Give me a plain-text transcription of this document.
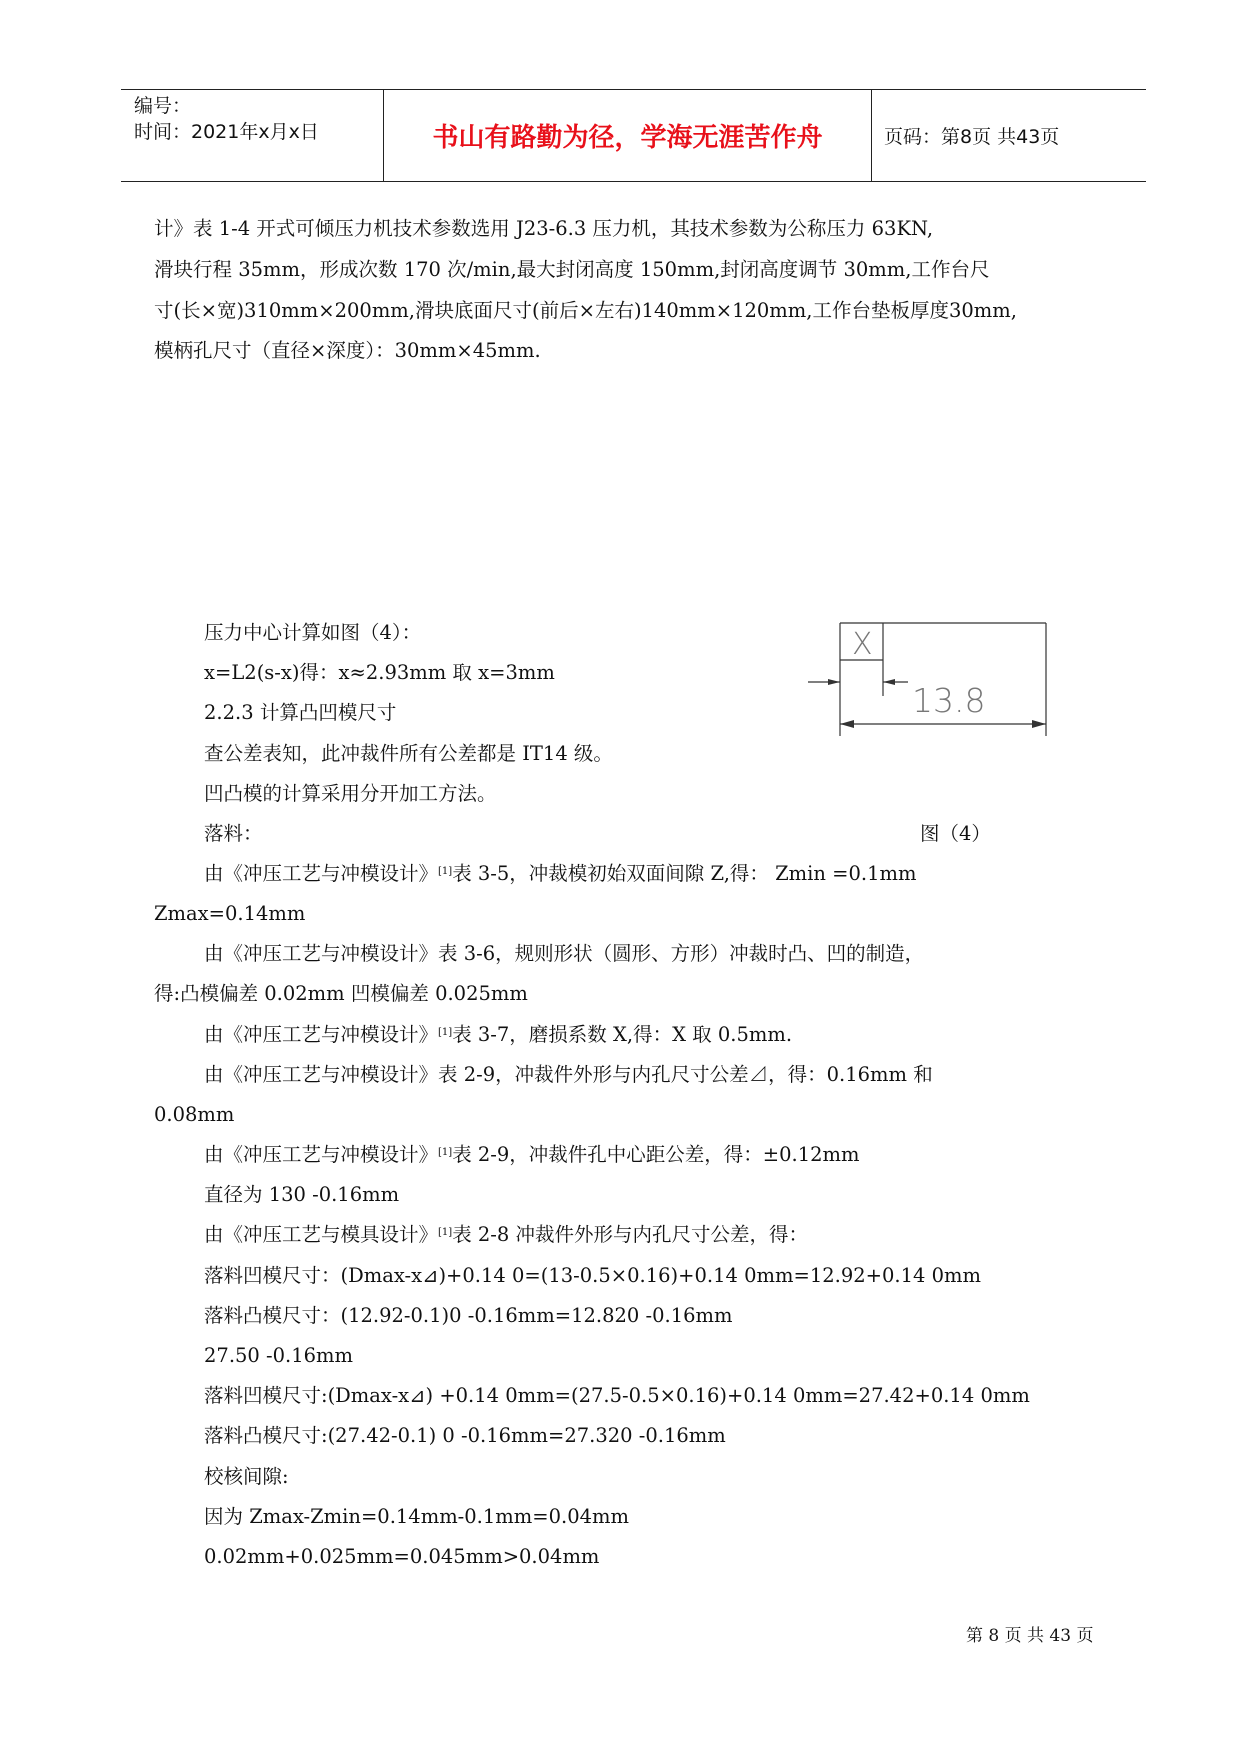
编号：
时间：2021年x月x日	书山有路勤为径，学海无涯苦作舟	页码：第8页 共43页
计》表 1-4 开式可倾压力机技术参数选用 J23-6.3 压力机，其技术参数为公称压力 63KN,
滑块行程 35mm，形成次数 170 次/min,最大封闭高度 150mm,封闭高度调节 30mm,工作台尺
寸(长×宽)310mm×200mm,滑块底面尺寸(前后×左右)140mm×120mm,工作台垫板厚度30mm,
模柄孔尺寸（直径×深度）：30mm×45mm.
压力中心计算如图（4）：
x=L2(s-x)得：x≈2.93mm 取 x=3mm
2.2.3 计算凸凹模尺寸
查公差表知，此冲裁件所有公差都是 IT14 级。
凹凸模的计算采用分开加工方法。
落料：
X
13.8
图（4）
由《冲压工艺与冲模设计》[1]表 3-5，冲裁模初始双面间隙 Z,得： Zmin =0.1mm
Zmax=0.14mm
由《冲压工艺与冲模设计》表 3-6，规则形状（圆形、方形）冲裁时凸、凹的制造，
得:凸模偏差 0.02mm 凹模偏差 0.025mm
由《冲压工艺与冲模设计》[1]表 3-7，磨损系数 X,得：X 取 0.5mm.
由《冲压工艺与冲模设计》表 2-9，冲裁件外形与内孔尺寸公差⊿，得：0.16mm 和
0.08mm
由《冲压工艺与冲模设计》[1]表 2-9，冲裁件孔中心距公差，得：±0.12mm
直径为 130 -0.16mm
由《冲压工艺与模具设计》[1]表 2-8 冲裁件外形与内孔尺寸公差，得：
落料凹模尺寸：(Dmax-x⊿)+0.14 0=(13-0.5×0.16)+0.14 0mm=12.92+0.14 0mm
落料凸模尺寸：(12.92-0.1)0 -0.16mm=12.820 -0.16mm
27.50 -0.16mm
落料凹模尺寸:(Dmax-x⊿) +0.14 0mm=(27.5-0.5×0.16)+0.14 0mm=27.42+0.14 0mm
落料凸模尺寸:(27.42-0.1) 0 -0.16mm=27.320 -0.16mm
校核间隙:
因为 Zmax-Zmin=0.14mm-0.1mm=0.04mm
0.02mm+0.025mm=0.045mm>0.04mm
第 8 页 共 43 页
